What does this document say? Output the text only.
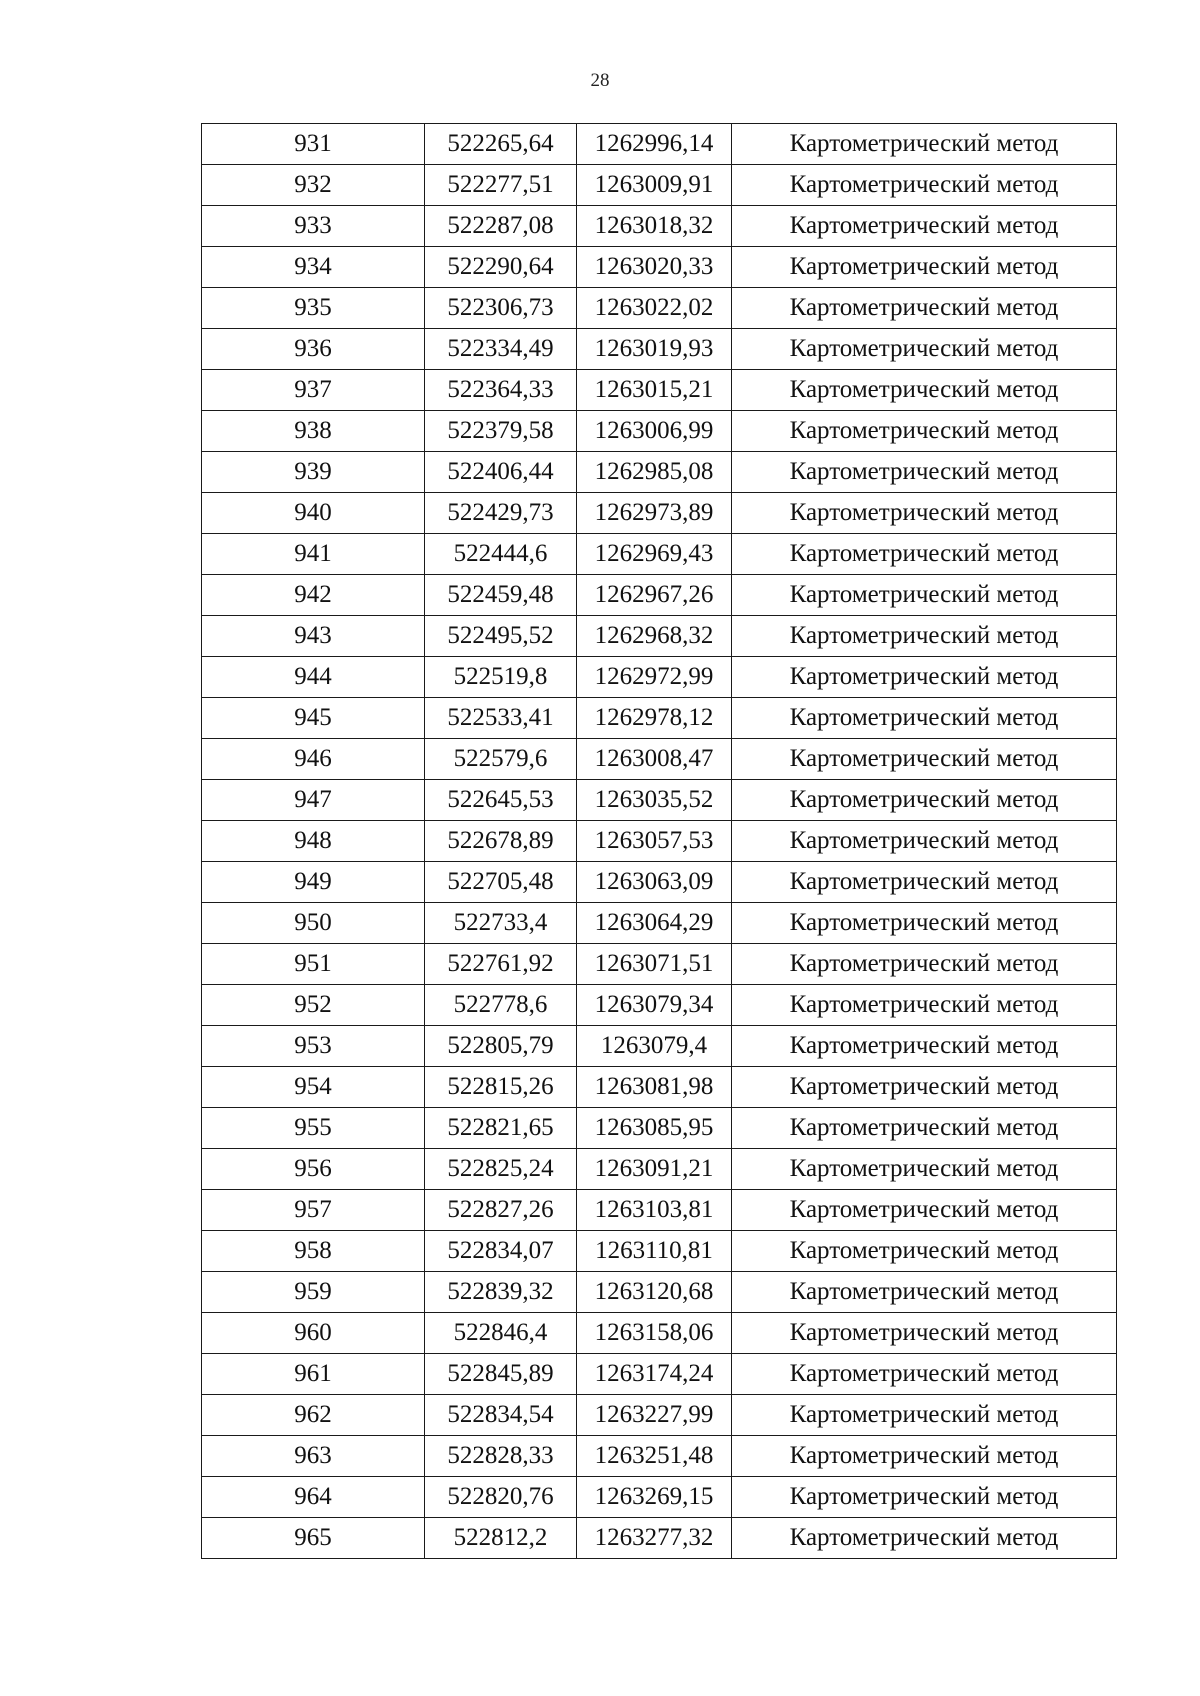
28
931	522265,64	1262996,14	Картометрический метод
932	522277,51	1263009,91	Картометрический метод
933	522287,08	1263018,32	Картометрический метод
934	522290,64	1263020,33	Картометрический метод
935	522306,73	1263022,02	Картометрический метод
936	522334,49	1263019,93	Картометрический метод
937	522364,33	1263015,21	Картометрический метод
938	522379,58	1263006,99	Картометрический метод
939	522406,44	1262985,08	Картометрический метод
940	522429,73	1262973,89	Картометрический метод
941	522444,6	1262969,43	Картометрический метод
942	522459,48	1262967,26	Картометрический метод
943	522495,52	1262968,32	Картометрический метод
944	522519,8	1262972,99	Картометрический метод
945	522533,41	1262978,12	Картометрический метод
946	522579,6	1263008,47	Картометрический метод
947	522645,53	1263035,52	Картометрический метод
948	522678,89	1263057,53	Картометрический метод
949	522705,48	1263063,09	Картометрический метод
950	522733,4	1263064,29	Картометрический метод
951	522761,92	1263071,51	Картометрический метод
952	522778,6	1263079,34	Картометрический метод
953	522805,79	1263079,4	Картометрический метод
954	522815,26	1263081,98	Картометрический метод
955	522821,65	1263085,95	Картометрический метод
956	522825,24	1263091,21	Картометрический метод
957	522827,26	1263103,81	Картометрический метод
958	522834,07	1263110,81	Картометрический метод
959	522839,32	1263120,68	Картометрический метод
960	522846,4	1263158,06	Картометрический метод
961	522845,89	1263174,24	Картометрический метод
962	522834,54	1263227,99	Картометрический метод
963	522828,33	1263251,48	Картометрический метод
964	522820,76	1263269,15	Картометрический метод
965	522812,2	1263277,32	Картометрический метод
